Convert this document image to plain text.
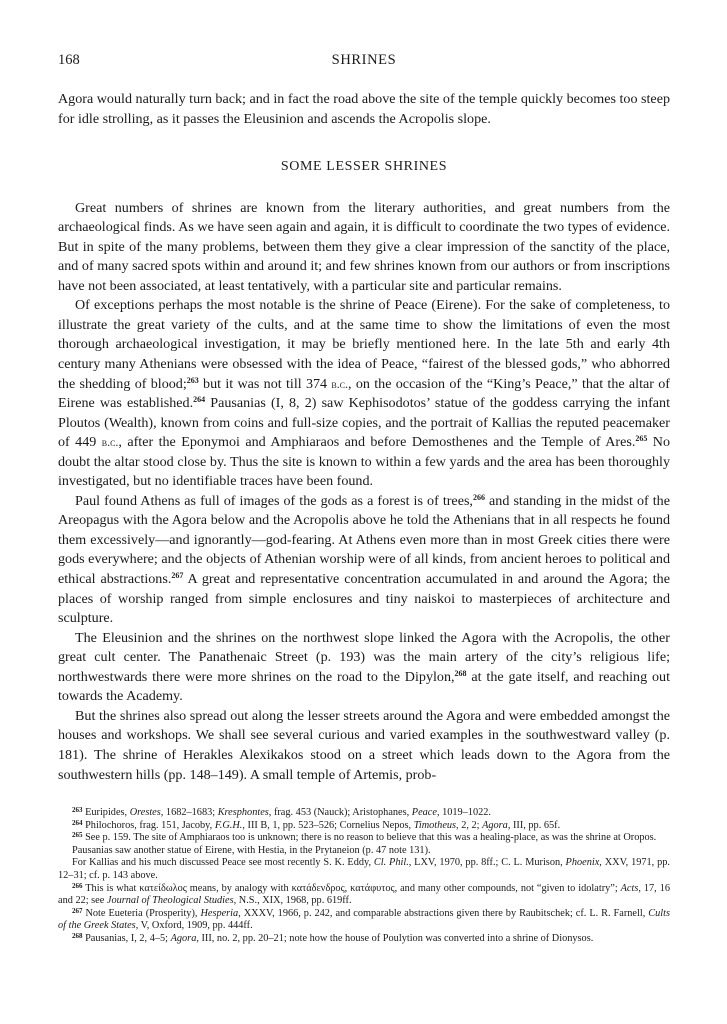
168	SHRINES

Agora would naturally turn back; and in fact the road above the site of the temple quickly becomes too steep for idle strolling, as it passes the Eleusinion and ascends the Acropolis slope.

SOME LESSER SHRINES

Great numbers of shrines are known from the literary authorities, and great numbers from the archaeological finds. As we have seen again and again, it is difficult to coordinate the two types of evidence. But in spite of the many problems, between them they give a clear impression of the sanctity of the place, and of many sacred spots within and around it; and few shrines known from our authors or from inscriptions have not been associated, at least tentatively, with a particular site and particular remains.

Of exceptions perhaps the most notable is the shrine of Peace (Eirene). For the sake of completeness, to illustrate the great variety of the cults, and at the same time to show the limitations of even the most thorough archaeological investigation, it may be briefly mentioned here. In the late 5th and early 4th century many Athenians were obsessed with the idea of Peace, “fairest of the blessed gods,” who abhorred the shedding of blood;$^{263}$ but it was not till 374 b.c., on the occasion of the “King’s Peace,” that the altar of Eirene was established.$^{264}$ Pausanias (I, 8, 2) saw Kephisodotos’ statue of the goddess carrying the infant Ploutos (Wealth), known from coins and full-size copies, and the portrait of Kallias the reputed peacemaker of 449 b.c., after the Eponymoi and Amphiaraos and before Demosthenes and the Temple of Ares.$^{265}$ No doubt the altar stood close by. Thus the site is known to within a few yards and the area has been thoroughly investigated, but no identifiable traces have been found.

Paul found Athens as full of images of the gods as a forest is of trees,$^{266}$ and standing in the midst of the Areopagus with the Agora below and the Acropolis above he told the Athenians that in all respects he found them excessively—and ignorantly—god-fearing. At Athens even more than in most Greek cities there were gods everywhere; and the objects of Athenian worship were of all kinds, from ancient heroes to political and ethical abstractions.$^{267}$ A great and representative concentration accumulated in and around the Agora; the places of worship ranged from simple enclosures and tiny naiskoi to masterpieces of architecture and sculpture.

The Eleusinion and the shrines on the northwest slope linked the Agora with the Acropolis, the other great cult center. The Panathenaic Street (p. 193) was the main artery of the city’s religious life; northwestwards there were more shrines on the road to the Dipylon,$^{268}$ at the gate itself, and reaching out towards the Academy.

But the shrines also spread out along the lesser streets around the Agora and were embedded amongst the houses and workshops. We shall see several curious and varied examples in the southwestward valley (p. 181). The shrine of Herakles Alexikakos stood on a street which leads down to the Agora from the southwestern hills (pp. 148–149). A small temple of Artemis, prob-

$^{263}$ Euripides, Orestes, 1682–1683; Kresphontes, frag. 453 (Nauck); Aristophanes, Peace, 1019–1022.

$^{264}$ Philochoros, frag. 151, Jacoby, F.G.H., III B, 1, pp. 523–526; Cornelius Nepos, Timotheus, 2, 2; Agora, III, pp. 65f.

$^{265}$ See p. 159. The site of Amphiaraos too is unknown; there is no reason to believe that this was a healing-place, as was the shrine at Oropos.

Pausanias saw another statue of Eirene, with Hestia, in the Prytaneion (p. 47 note 131).

For Kallias and his much discussed Peace see most recently S. K. Eddy, Cl. Phil., LXV, 1970, pp. 8ff.; C. L. Murison, Phoenix, XXV, 1971, pp. 12–31; cf. p. 143 above.

$^{266}$ This is what κατείδωλος means, by analogy with κατάδενδρος, κατάφυτος, and many other compounds, not “given to idolatry”; Acts, 17, 16 and 22; see Journal of Theological Studies, N.S., XIX, 1968, pp. 619ff.

$^{267}$ Note Eueteria (Prosperity), Hesperia, XXXV, 1966, p. 242, and comparable abstractions given there by Raubitschek; cf. L. R. Farnell, Cults of the Greek States, V, Oxford, 1909, pp. 444ff.

$^{268}$ Pausanias, I, 2, 4–5; Agora, III, no. 2, pp. 20–21; note how the house of Poulytion was converted into a shrine of Dionysos.
